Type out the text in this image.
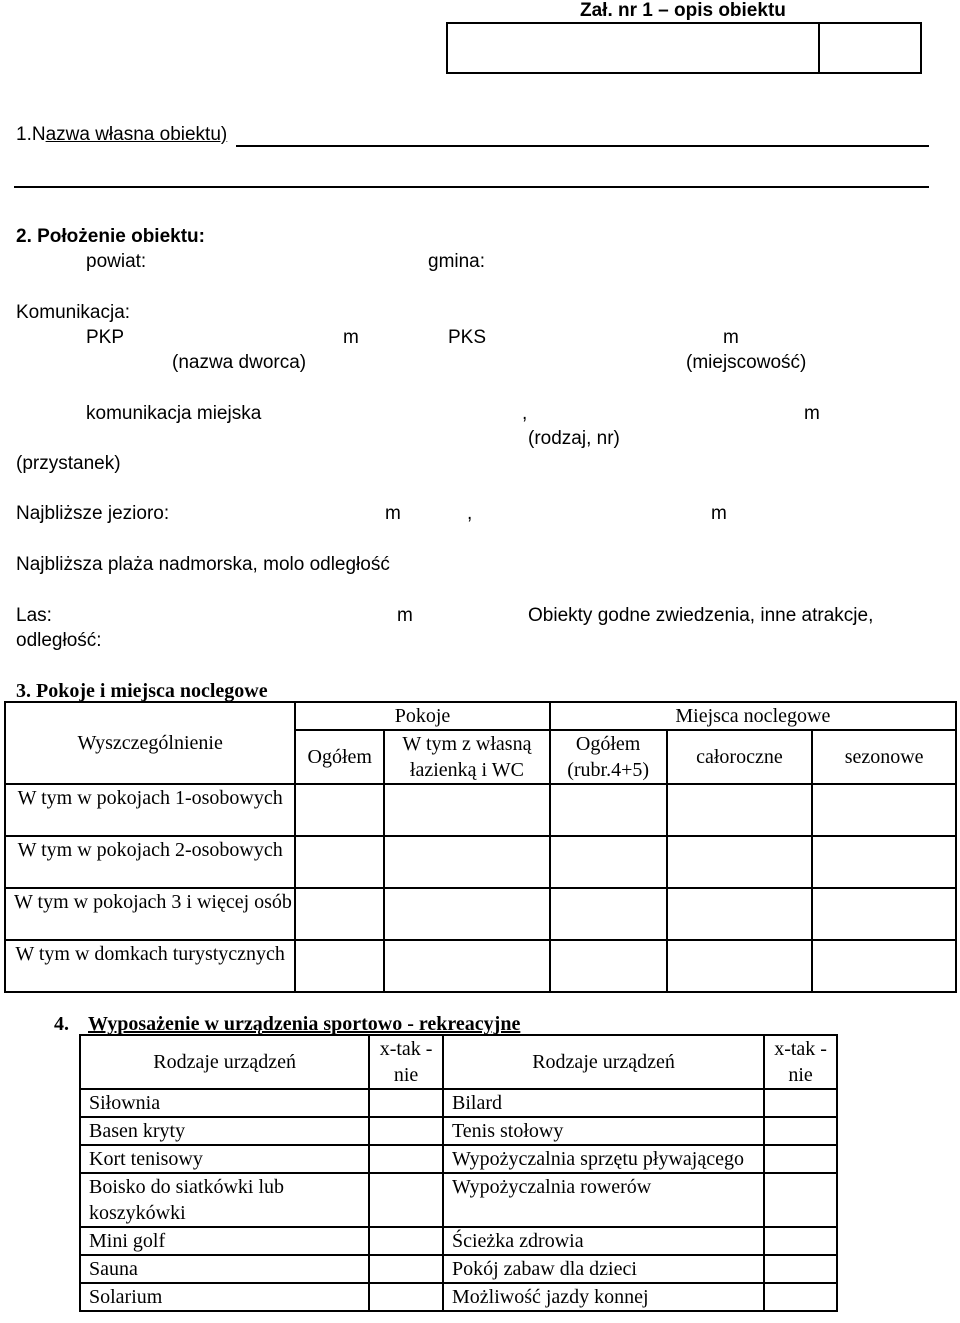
Zał. nr 1 – opis obiektu
1.Nazwa własna obiektu)
2. Położenie obiektu:
powiat:	gmina:
Komunikacja:
PKP	m	PKS	m
(nazwa dworca)	(miejscowość)
komunikacja miejska	,	m
(rodzaj, nr)
(przystanek)
Najbliższe jezioro:	m	,	m
Najbliższa plaża nadmorska, molo odległość
Las:	m	Obiekty godne zwiedzenia, inne atrakcje,
odległość:
3. Pokoje i miejsca noclegowe
Wyszczególnienie	Pokoje		Miejsca noclegowe		
	Ogółem	W tym z własną łazienką i WC	Ogółem (rubr.4+5)	całoroczne	sezonowe
W tym w pokojach 1-osobowych					
W tym w pokojach 2-osobowych					
W tym w pokojach 3 i więcej osób					
W tym w domkach turystycznych					
4. Wyposażenie w urządzenia sportowo - rekreacyjne
Rodzaje urządzeń	x-tak - nie	Rodzaje urządzeń	x-tak - nie
Siłownia		Bilard	
Basen kryty		Tenis stołowy	
Kort tenisowy		Wypożyczalnia sprzętu pływającego	
Boisko do siatkówki lub koszykówki		Wypożyczalnia rowerów	
Mini golf		Ścieżka zdrowia	
Sauna		Pokój zabaw dla dzieci	
Solarium		Możliwość jazdy konnej	
